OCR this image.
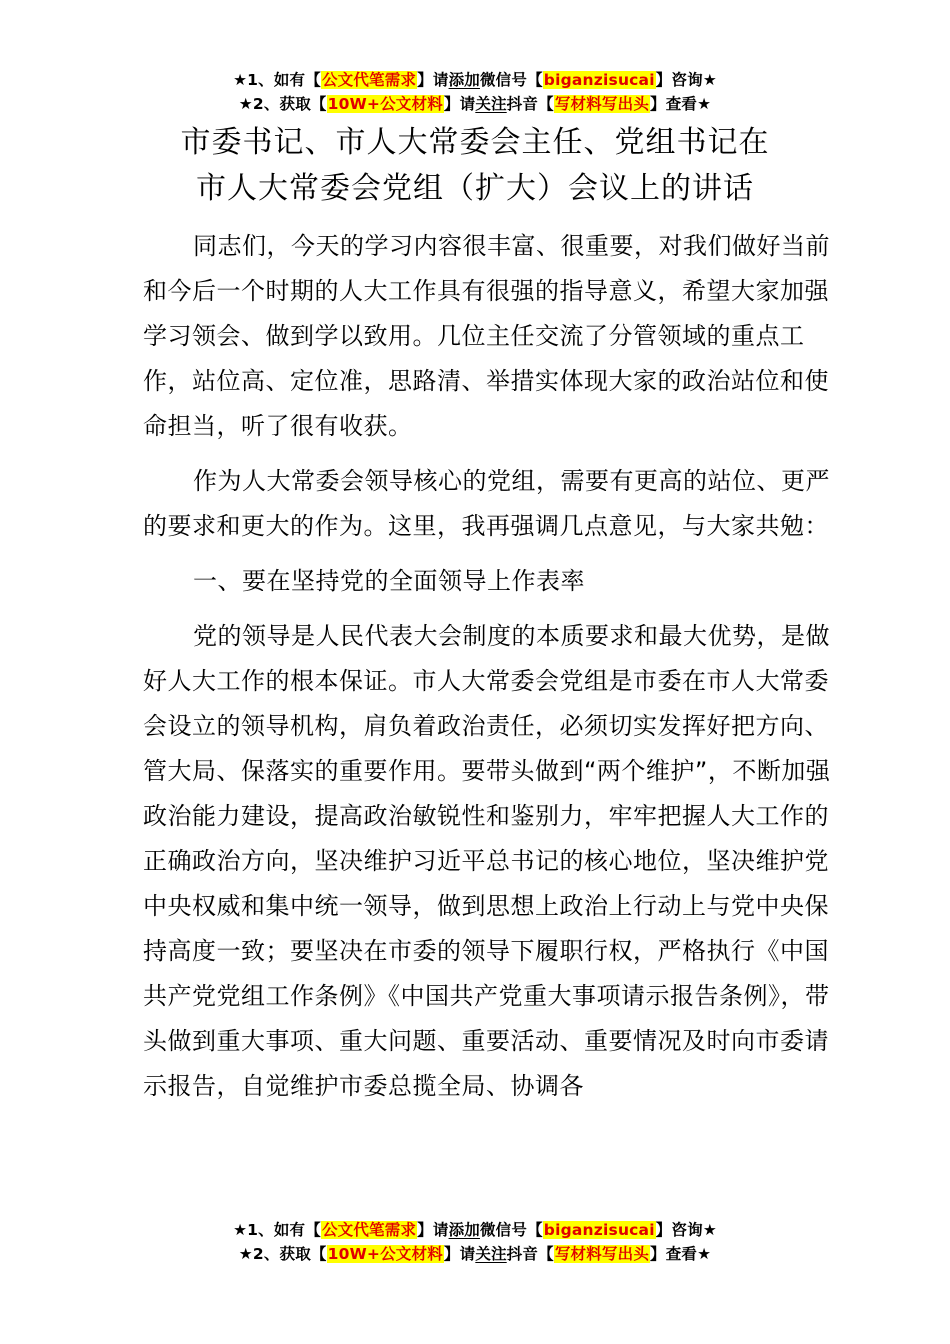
★1、如有【公文代笔需求】请添加微信号【biganzisucai】咨询★
★2、获取【10W+公文材料】请关注抖音【写材料写出头】查看★
市委书记、市人大常委会主任、党组书记在
市人大常委会党组（扩大）会议上的讲话

同志们，今天的学习内容很丰富、很重要，对我们做好当前和今后一个时期的人大工作具有很强的指导意义，希望大家加强学习领会、做到学以致用。几位主任交流了分管领域的重点工作，站位高、定位准，思路清、举措实体现大家的政治站位和使命担当，听了很有收获。

作为人大常委会领导核心的党组，需要有更高的站位、更严的要求和更大的作为。这里，我再强调几点意见，与大家共勉：

一、要在坚持党的全面领导上作表率

党的领导是人民代表大会制度的本质要求和最大优势，是做好人大工作的根本保证。市人大常委会党组是市委在市人大常委会设立的领导机构，肩负着政治责任，必须切实发挥好把方向、管大局、保落实的重要作用。要带头做到“两个维护”，不断加强政治能力建设，提高政治敏锐性和鉴别力，牢牢把握人大工作的正确政治方向，坚决维护习近平总书记的核心地位，坚决维护党中央权威和集中统一领导，做到思想上政治上行动上与党中央保持高度一致；要坚决在市委的领导下履职行权，严格执行《中国共产党党组工作条例》《中国共产党重大事项请示报告条例》，带头做到重大事项、重大问题、重要活动、重要情况及时向市委请示报告，自觉维护市委总揽全局、协调各

★1、如有【公文代笔需求】请添加微信号【biganzisucai】咨询★
★2、获取【10W+公文材料】请关注抖音【写材料写出头】查看★
